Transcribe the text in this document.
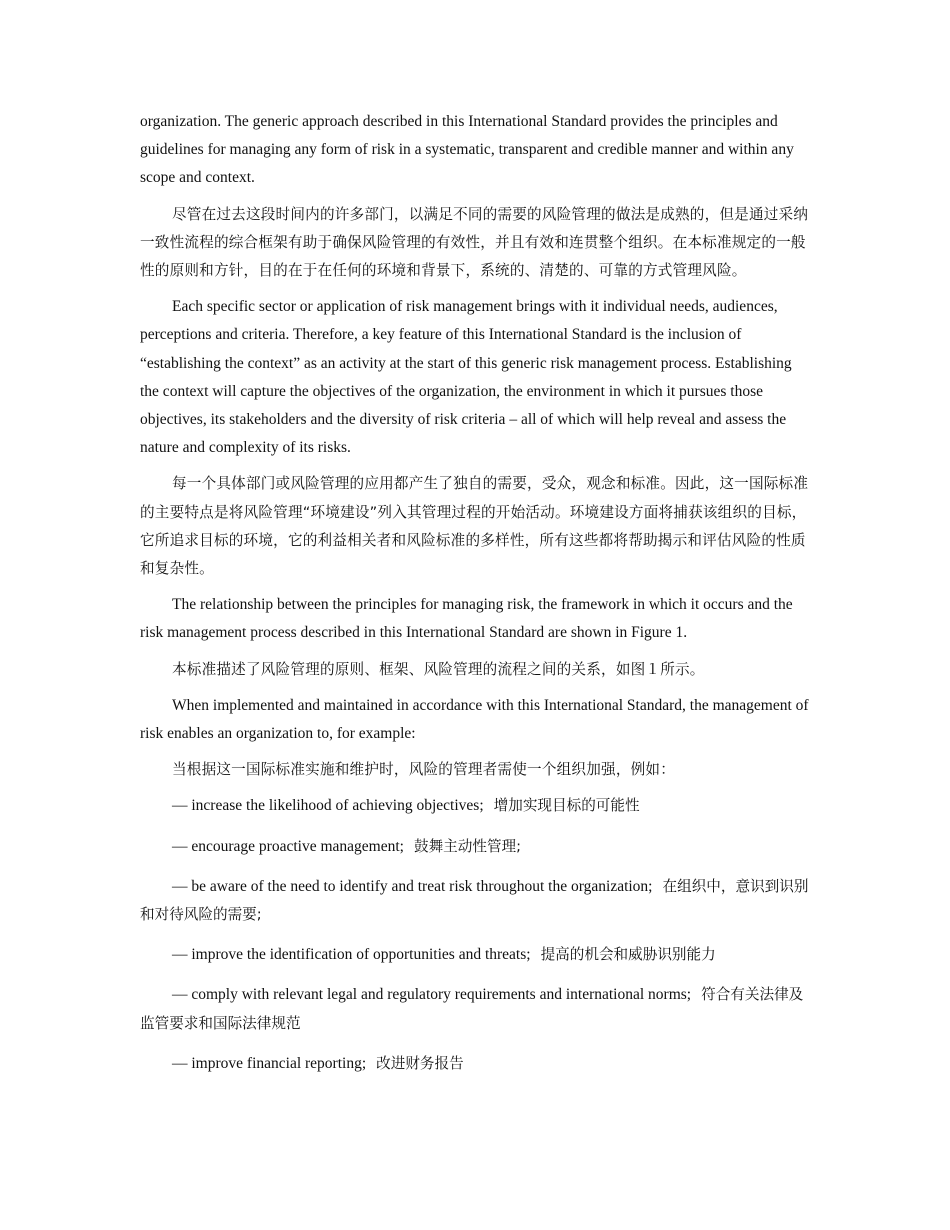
organization. The generic approach described in this International Standard provides the principles and guidelines for managing any form of risk in a systematic, transparent and credible manner and within any scope and context.

尽管在过去这段时间内的许多部门，以满足不同的需要的风险管理的做法是成熟的，但是通过采纳一致性流程的综合框架有助于确保风险管理的有效性，并且有效和连贯整个组织。在本标准规定的一般性的原则和方针，目的在于在任何的环境和背景下，系统的、清楚的、可靠的方式管理风险。

Each specific sector or application of risk management brings with it individual needs, audiences, perceptions and criteria. Therefore, a key feature of this International Standard is the inclusion of “establishing the context” as an activity at the start of this generic risk management process. Establishing the context will capture the objectives of the organization, the environment in which it pursues those objectives, its stakeholders and the diversity of risk criteria – all of which will help reveal and assess the nature and complexity of its risks.

每一个具体部门或风险管理的应用都产生了独自的需要，受众，观念和标准。因此，这一国际标准的主要特点是将风险管理“环境建设”列入其管理过程的开始活动。环境建设方面将捕获该组织的目标，它所追求目标的环境，它的利益相关者和风险标准的多样性，所有这些都将帮助揭示和评估风险的性质和复杂性。

The relationship between the principles for managing risk, the framework in which it occurs and the risk management process described in this International Standard are shown in Figure 1.

本标准描述了风险管理的原则、框架、风险管理的流程之间的关系，如图１所示。

When implemented and maintained in accordance with this International Standard, the management of risk enables an organization to, for example:

当根据这一国际标准实施和维护时，风险的管理者需使一个组织加强，例如：

— increase the likelihood of achieving objectives; 增加实现目标的可能性

— encourage proactive management; 鼓舞主动性管理;

— be aware of the need to identify and treat risk throughout the organization; 在组织中，意识到识别和对待风险的需要;

— improve the identification of opportunities and threats; 提高的机会和威胁识别能力

— comply with relevant legal and regulatory requirements and international norms; 符合有关法律及监管要求和国际法律规范

— improve financial reporting; 改进财务报告
